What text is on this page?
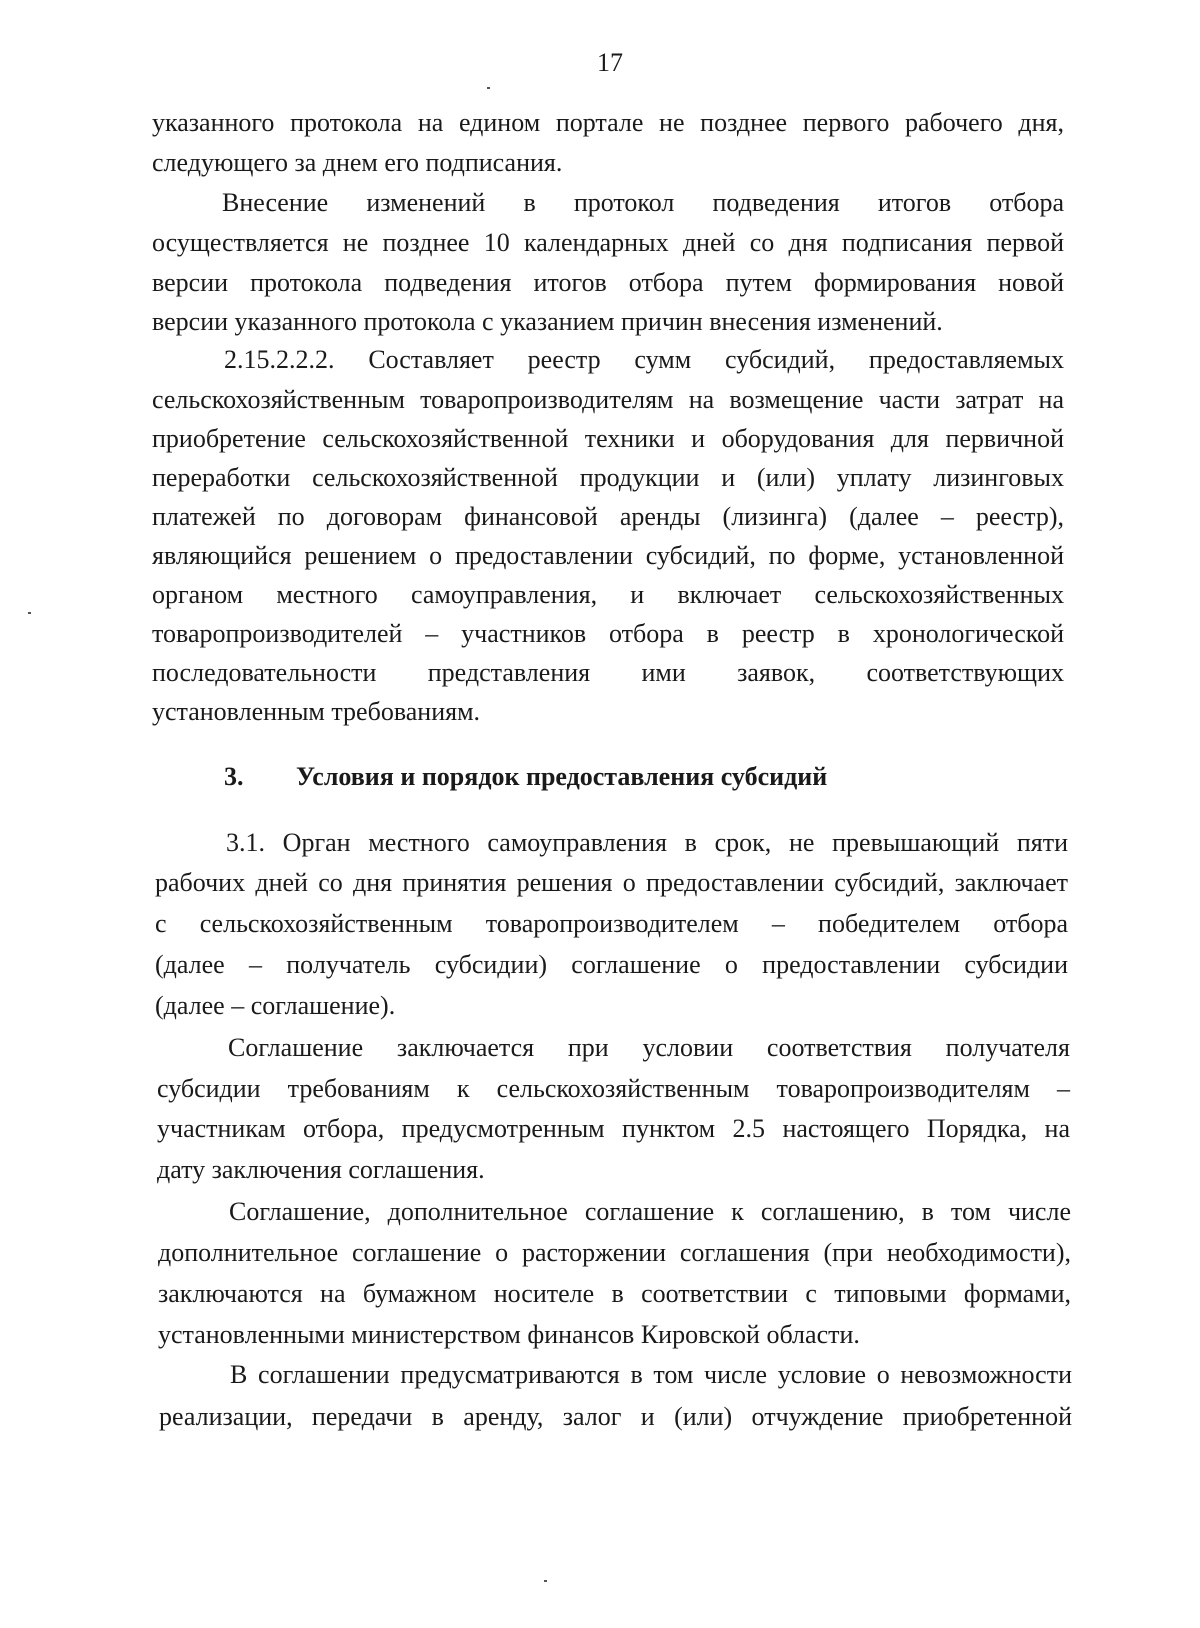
17
указанного протокола на едином портале не позднее первого рабочего дня,
следующего за днем его подписания.
Внесение изменений в протокол подведения итогов отбора
осуществляется не позднее 10 календарных дней со дня подписания первой
версии протокола подведения итогов отбора путем формирования новой
версии указанного протокола с указанием причин внесения изменений.
2.15.2.2.2. Составляет реестр сумм субсидий, предоставляемых
сельскохозяйственным товаропроизводителям на возмещение части затрат на
приобретение сельскохозяйственной техники и оборудования для первичной
переработки сельскохозяйственной продукции и (или) уплату лизинговых
платежей по договорам финансовой аренды (лизинга) (далее – реестр),
являющийся решением о предоставлении субсидий, по форме, установленной
органом местного самоуправления, и включает сельскохозяйственных
товаропроизводителей – участников отбора в реестр в хронологической
последовательности представления ими заявок, соответствующих
установленным требованиям.
3. Условия и порядок предоставления субсидий
3.1. Орган местного самоуправления в срок, не превышающий пяти
рабочих дней со дня принятия решения о предоставлении субсидий, заключает
с сельскохозяйственным товаропроизводителем – победителем отбора
(далее – получатель субсидии) соглашение о предоставлении субсидии
(далее – соглашение).
Соглашение заключается при условии соответствия получателя
субсидии требованиям к сельскохозяйственным товаропроизводителям –
участникам отбора, предусмотренным пунктом 2.5 настоящего Порядка, на
дату заключения соглашения.
Соглашение, дополнительное соглашение к соглашению, в том числе
дополнительное соглашение о расторжении соглашения (при необходимости),
заключаются на бумажном носителе в соответствии с типовыми формами,
установленными министерством финансов Кировской области.
В соглашении предусматриваются в том числе условие о невозможности
реализации, передачи в аренду, залог и (или) отчуждение приобретенной
